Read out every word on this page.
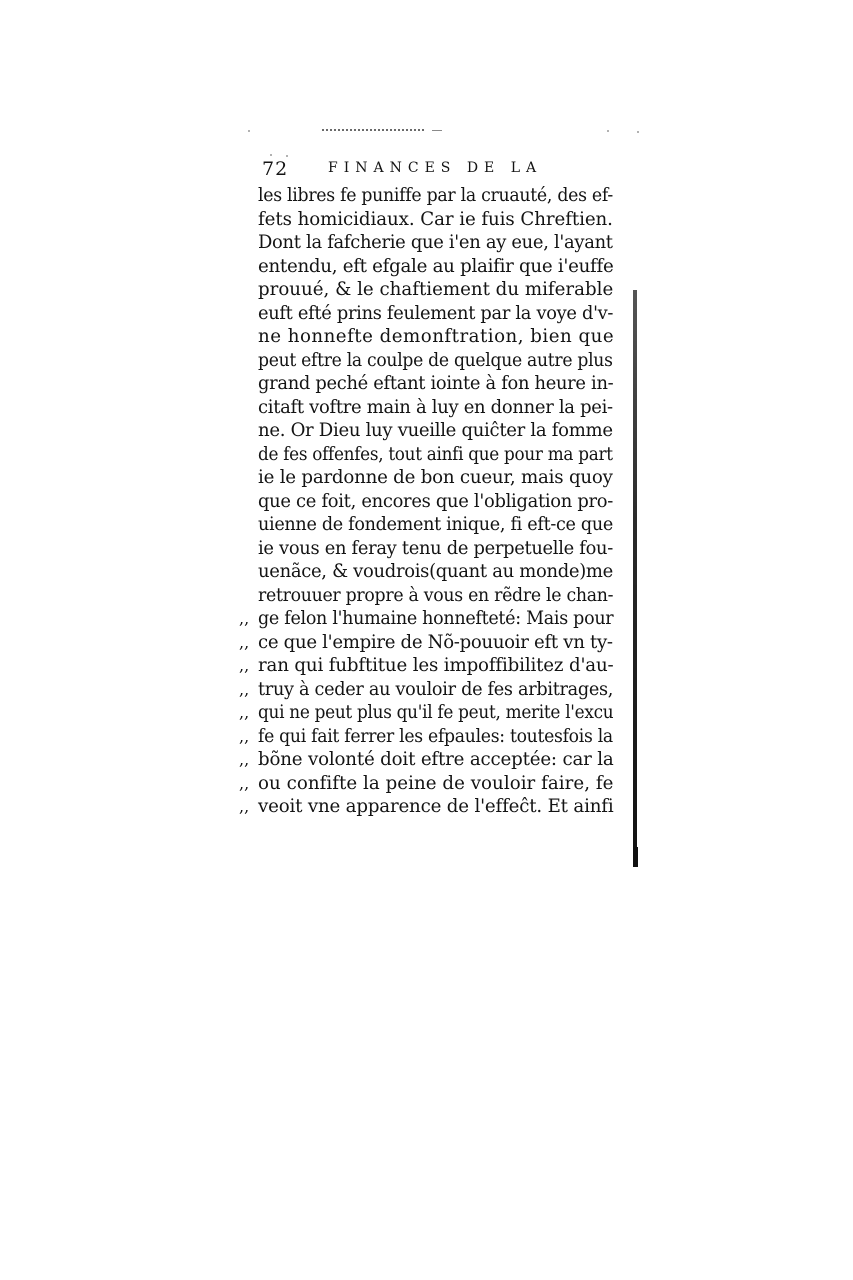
72	FINANCES DE LA
les libres fe puniffe par la cruauté, des ef-
fets homicidiaux. Car ie fuis Chreftien.
Dont la fafcherie que i'en ay eue, l'ayant
entendu, eft efgale au plaifir que i'euffe
prouué, & le chaftiement du miferable
euft efté prins feulement par la voye d'v-
ne honnefte demonftration, bien que
peut eftre la coulpe de quelque autre plus
grand peché eftant iointe à fon heure in-
citaft voftre main à luy en donner la pei-
ne. Or Dieu luy vueille quiĉter la fomme
de fes offenfes, tout ainfi que pour ma part
ie le pardonne de bon cueur, mais quoy
que ce foit, encores que l'obligation pro-
uienne de fondement inique, fi eft-ce que
ie vous en feray tenu de perpetuelle fou-
uenãce, & voudrois(quant au monde)me
retrouuer propre à vous en rẽdre le chan-
,, ge felon l'humaine honnefteté: Mais pour
,, ce que l'empire de Nõ-pouuoir eft vn ty-
,, ran qui fubftitue les impoffibilitez d'au-
,, truy à ceder au vouloir de fes arbitrages,
,, qui ne peut plus qu'il fe peut, merite l'excu
,, fe qui fait ferrer les efpaules: toutesfois la
,, bõne volonté doit eftre acceptée: car la
,, ou confifte la peine de vouloir faire, fe
,, veoit vne apparence de l'effeĉt. Et ainfi
